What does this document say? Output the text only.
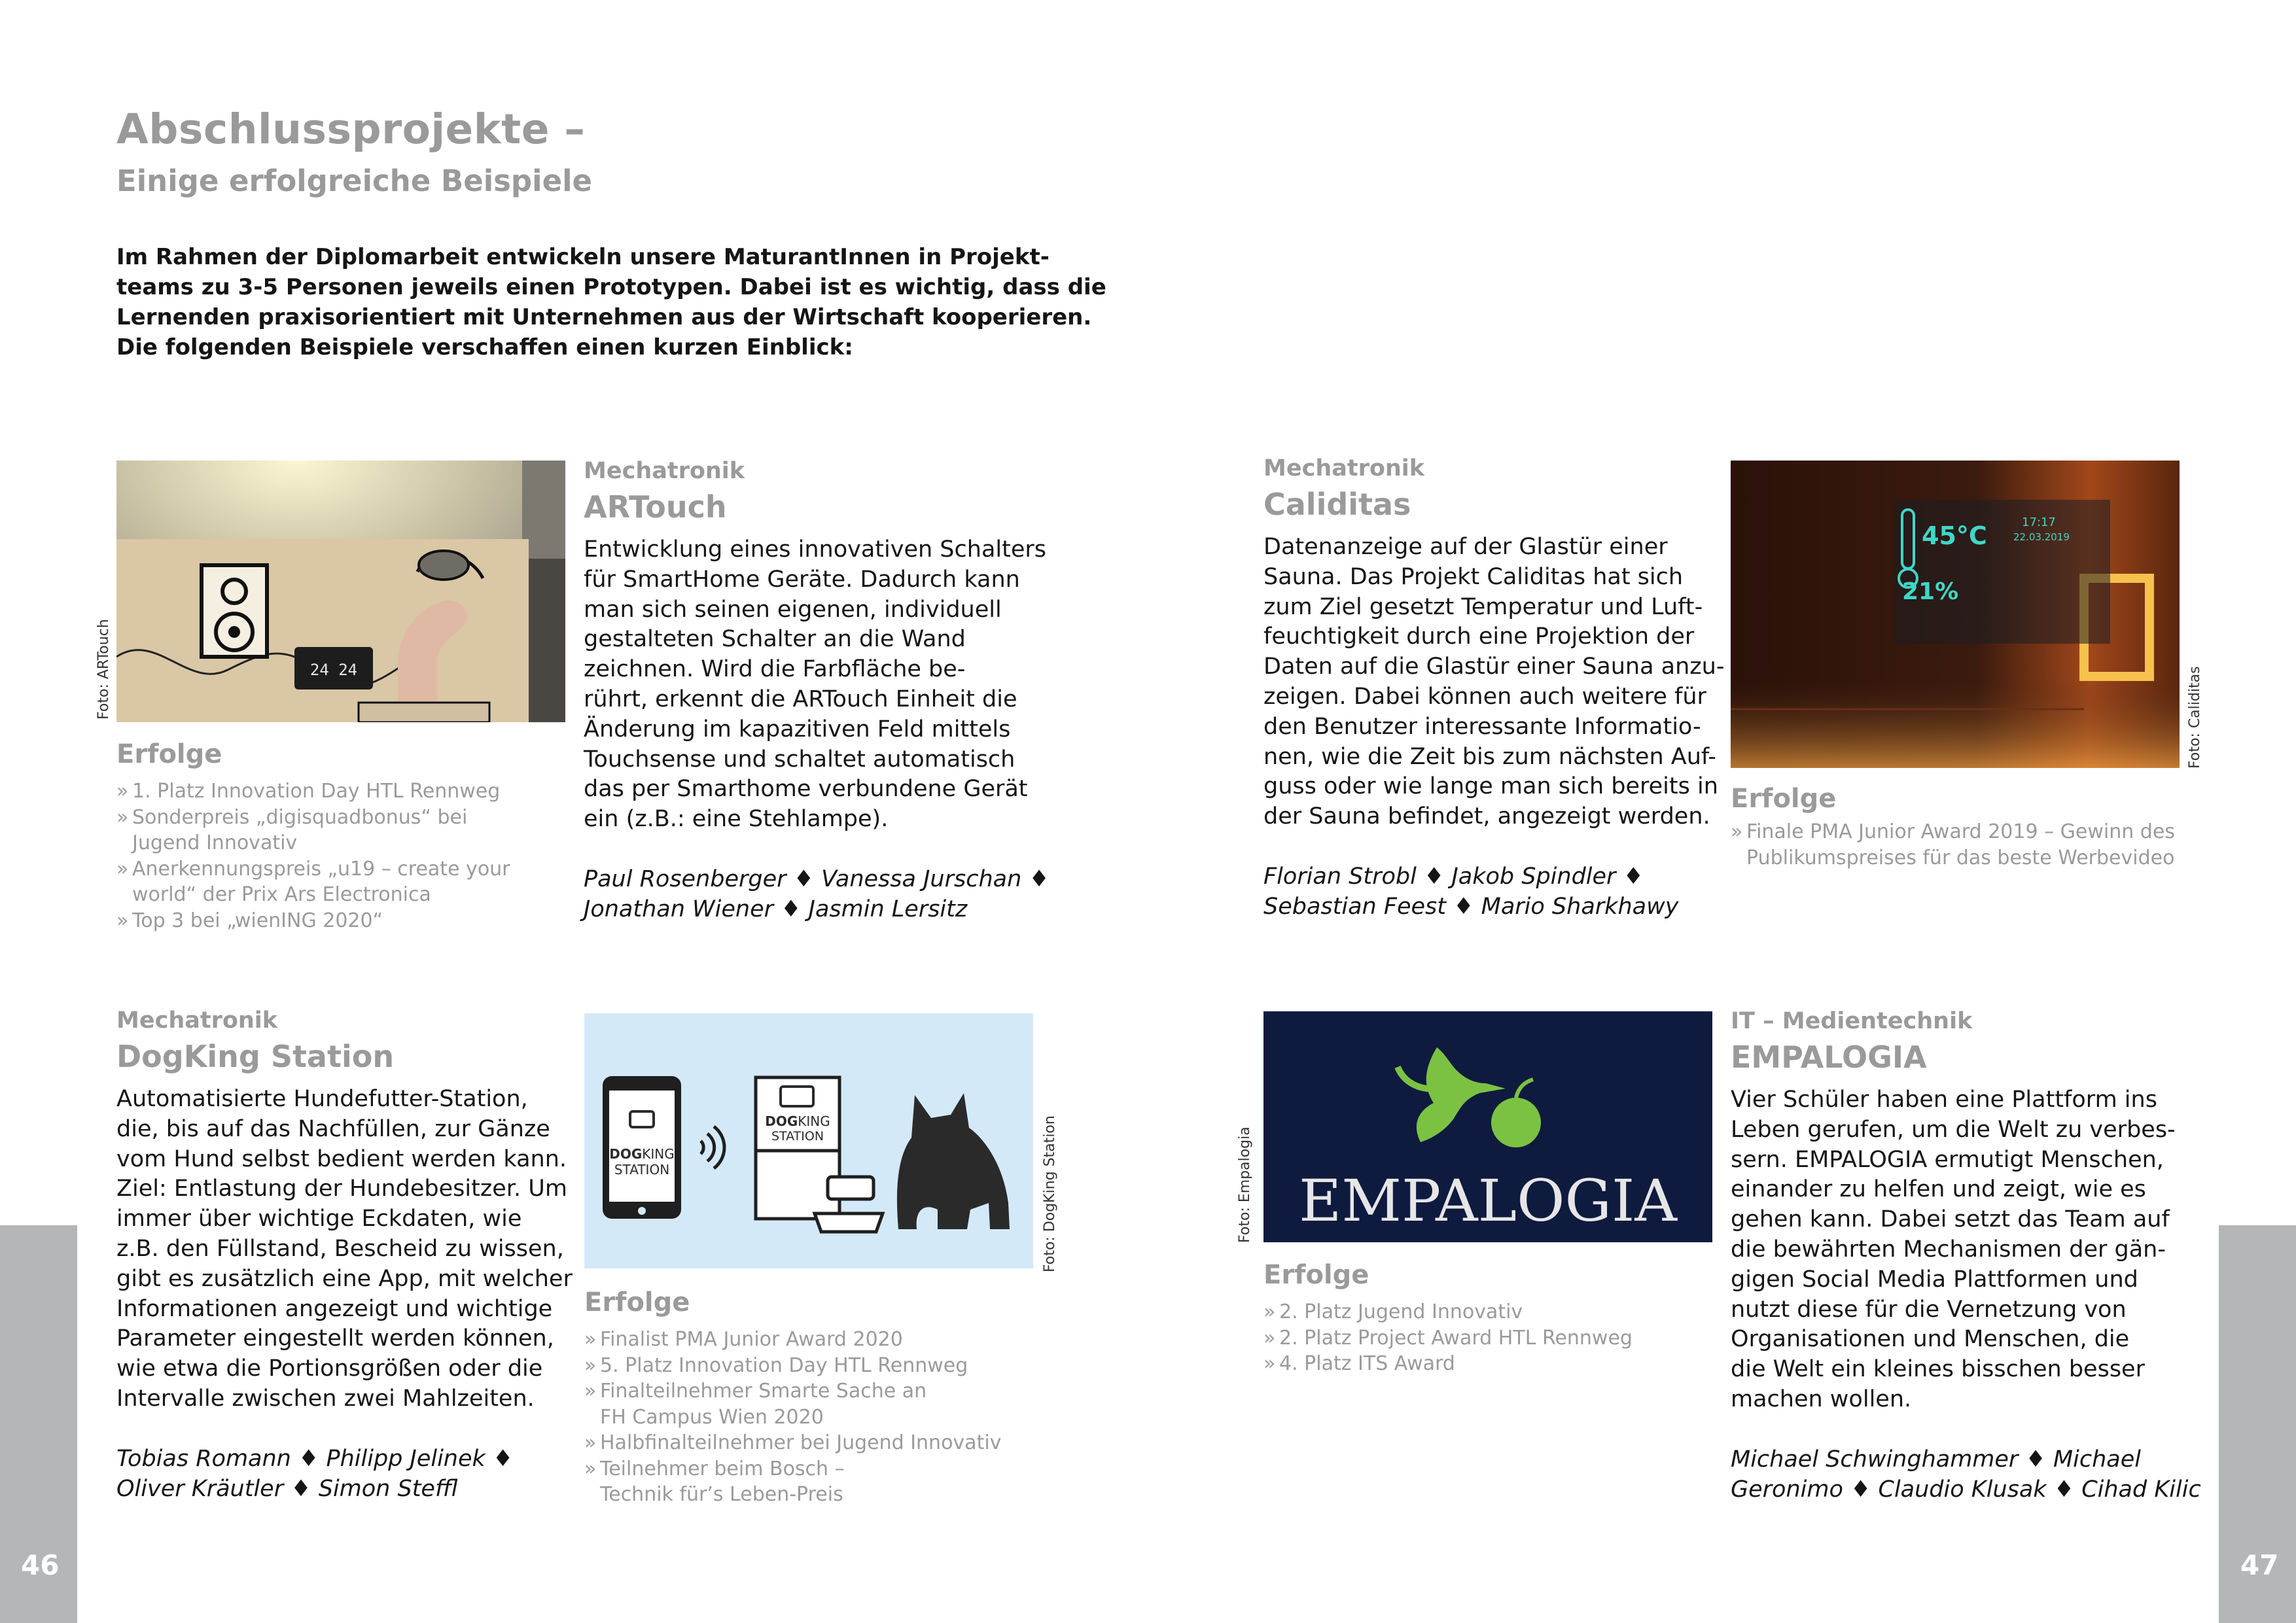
Abschlussprojekte –
Einige erfolgreiche Beispiele
Im Rahmen der Diplomarbeit entwickeln unsere MaturantInnen in Projekt-
teams zu 3-5 Personen jeweils einen Prototypen. Dabei ist es wichtig, dass die
Lernenden praxisorientiert mit Unternehmen aus der Wirtschaft kooperieren.
Die folgenden Beispiele verschaffen einen kurzen Einblick:
24 24
Foto: ARTouch
Erfolge
» 1. Platz Innovation Day HTL Rennweg
» Sonderpreis „digisquadbonus“ bei
Jugend Innovativ
» Anerkennungspreis „u19 – create your
world“ der Prix Ars Electronica
» Top 3 bei „wienING 2020“
Mechatronik
ARTouch
Entwicklung eines innovativen Schalters
für SmartHome Geräte. Dadurch kann
man sich seinen eigenen, individuell
gestalteten Schalter an die Wand
zeichnen. Wird die Farbfläche be-
rührt, erkennt die ARTouch Einheit die
Änderung im kapazitiven Feld mittels
Touchsense und schaltet automatisch
das per Smarthome verbundene Gerät
ein (z.B.: eine Stehlampe).
Paul Rosenberger ♦ Vanessa Jurschan ♦
Jonathan Wiener ♦ Jasmin Lersitz
Mechatronik
Caliditas
Datenanzeige auf der Glastür einer
Sauna. Das Projekt Caliditas hat sich
zum Ziel gesetzt Temperatur und Luft-
feuchtigkeit durch eine Projektion der
Daten auf die Glastür einer Sauna anzu-
zeigen. Dabei können auch weitere für
den Benutzer interessante Informatio-
nen, wie die Zeit bis zum nächsten Auf-
guss oder wie lange man sich bereits in
der Sauna befindet, angezeigt werden.
Florian Strobl ♦ Jakob Spindler ♦
Sebastian Feest ♦ Mario Sharkhawy
45°C	17:17
22.03.2019
21%
Foto: Caliditas
Erfolge
» Finale PMA Junior Award 2019 – Gewinn des
Publikumspreises für das beste Werbevideo
Mechatronik
DogKing Station
Automatisierte Hundefutter-Station,
die, bis auf das Nachfüllen, zur Gänze
vom Hund selbst bedient werden kann.
Ziel: Entlastung der Hundebesitzer. Um
immer über wichtige Eckdaten, wie
z.B. den Füllstand, Bescheid zu wissen,
gibt es zusätzlich eine App, mit welcher
Informationen angezeigt und wichtige
Parameter eingestellt werden können,
wie etwa die Portionsgrößen oder die
Intervalle zwischen zwei Mahlzeiten.
Tobias Romann ♦ Philipp Jelinek ♦
Oliver Kräutler ♦ Simon Steffl
DOGKING
STATION
DOGKING
STATION	Foto: DogKing Station
Erfolge
» Finalist PMA Junior Award 2020
» 5. Platz Innovation Day HTL Rennweg
» Finalteilnehmer Smarte Sache an
FH Campus Wien 2020
» Halbfinalteilnehmer bei Jugend Innovativ
» Teilnehmer beim Bosch –
Technik für’s Leben-Preis
EMPALOGIA
Foto: Empalogia
Erfolge
» 2. Platz Jugend Innovativ
» 2. Platz Project Award HTL Rennweg
» 4. Platz ITS Award
IT – Medientechnik
EMPALOGIA
Vier Schüler haben eine Plattform ins
Leben gerufen, um die Welt zu verbes-
sern. EMPALOGIA ermutigt Menschen,
einander zu helfen und zeigt, wie es
gehen kann. Dabei setzt das Team auf
die bewährten Mechanismen der gän-
gigen Social Media Plattformen und
nutzt diese für die Vernetzung von
Organisationen und Menschen, die
die Welt ein kleines bisschen besser
machen wollen.
Michael Schwinghammer ♦ Michael
Geronimo ♦ Claudio Klusak ♦ Cihad Kilic
46	47
